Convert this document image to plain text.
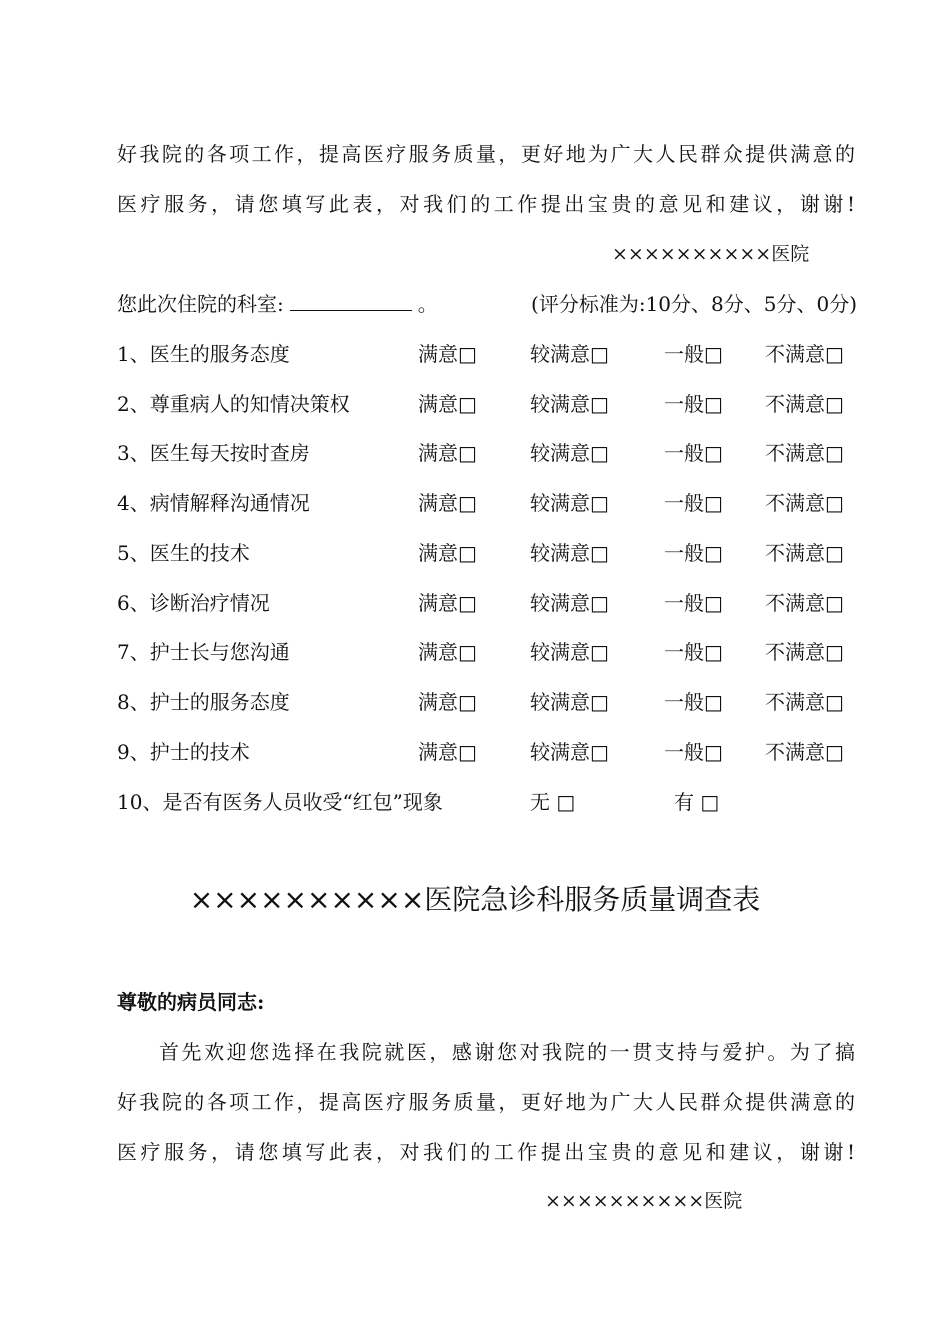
好我院的各项工作，提高医疗服务质量，更好地为广大人民群众提供满意的
医疗服务，请您填写此表，对我们的工作提出宝贵的意见和建议，谢谢!
××××××××××医院
您此次住院的科室:	。	(评分标准为:10分、8分、5分、0分)
1、医生的服务态度	满意□	较满意□	一般□ 不满意□
2、尊重病人的知情决策权	满意□	较满意□	一般□ 不满意□
3、医生每天按时查房	满意□	较满意□	一般□ 不满意□
4、病情解释沟通情况	满意□	较满意□	一般□ 不满意□
5、医生的技术	满意□	较满意□	一般□ 不满意□
6、诊断治疗情况	满意□	较满意□	一般□ 不满意□
7、护士长与您沟通	满意□	较满意□	一般□ 不满意□
8、护士的服务态度	满意□	较满意□	一般□ 不满意□
9、护士的技术	满意□	较满意□	一般□ 不满意□
10、是否有医务人员收受“红包”现象	无 □	有 □
××××××××××医院急诊科服务质量调查表
尊敬的病员同志:
首先欢迎您选择在我院就医，感谢您对我院的一贯支持与爱护。为了搞
好我院的各项工作，提高医疗服务质量，更好地为广大人民群众提供满意的
医疗服务，请您填写此表，对我们的工作提出宝贵的意见和建议，谢谢!
××××××××××医院
